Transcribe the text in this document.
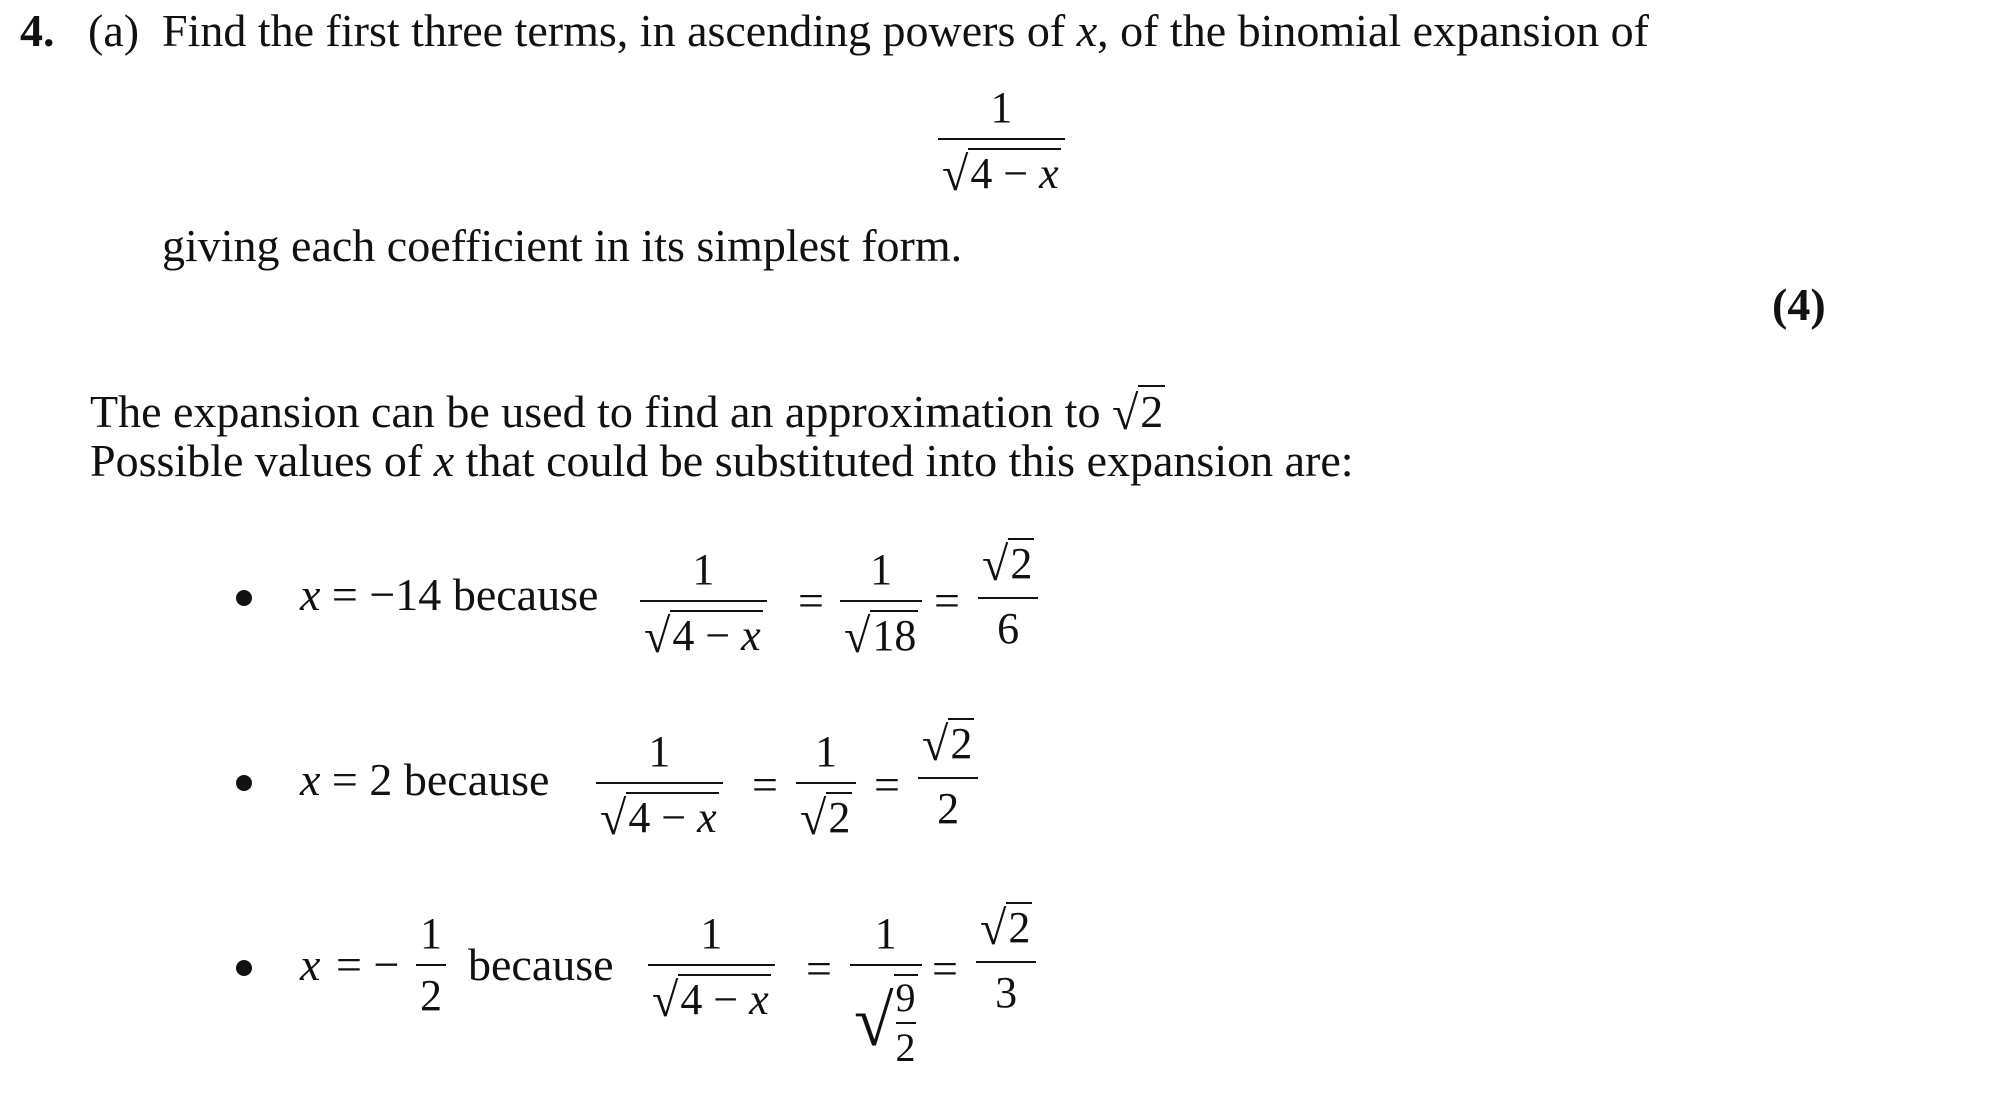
4. (a) Find the first three terms, in ascending powers of x, of the binomial expansion of
$\frac{1}{√4 - x}$
giving each coefficient in its simplest form.
(4)
The expansion can be used to find an approximation to √2
Possible values of x that could be substituted into this expansion are:
x = −14 because $\frac{1}{√4 - x} = \frac{1}{√18} = \frac{√2}{6}$
x = 2 because $\frac{1}{√4 - x} = \frac{1}{√2} = \frac{√2}{2}$
x = − $\frac{1}{2}$ because $\frac{1}{√4 - x} = \frac{1}{√ \frac{9}{2}} = \frac{√2}{3}$
